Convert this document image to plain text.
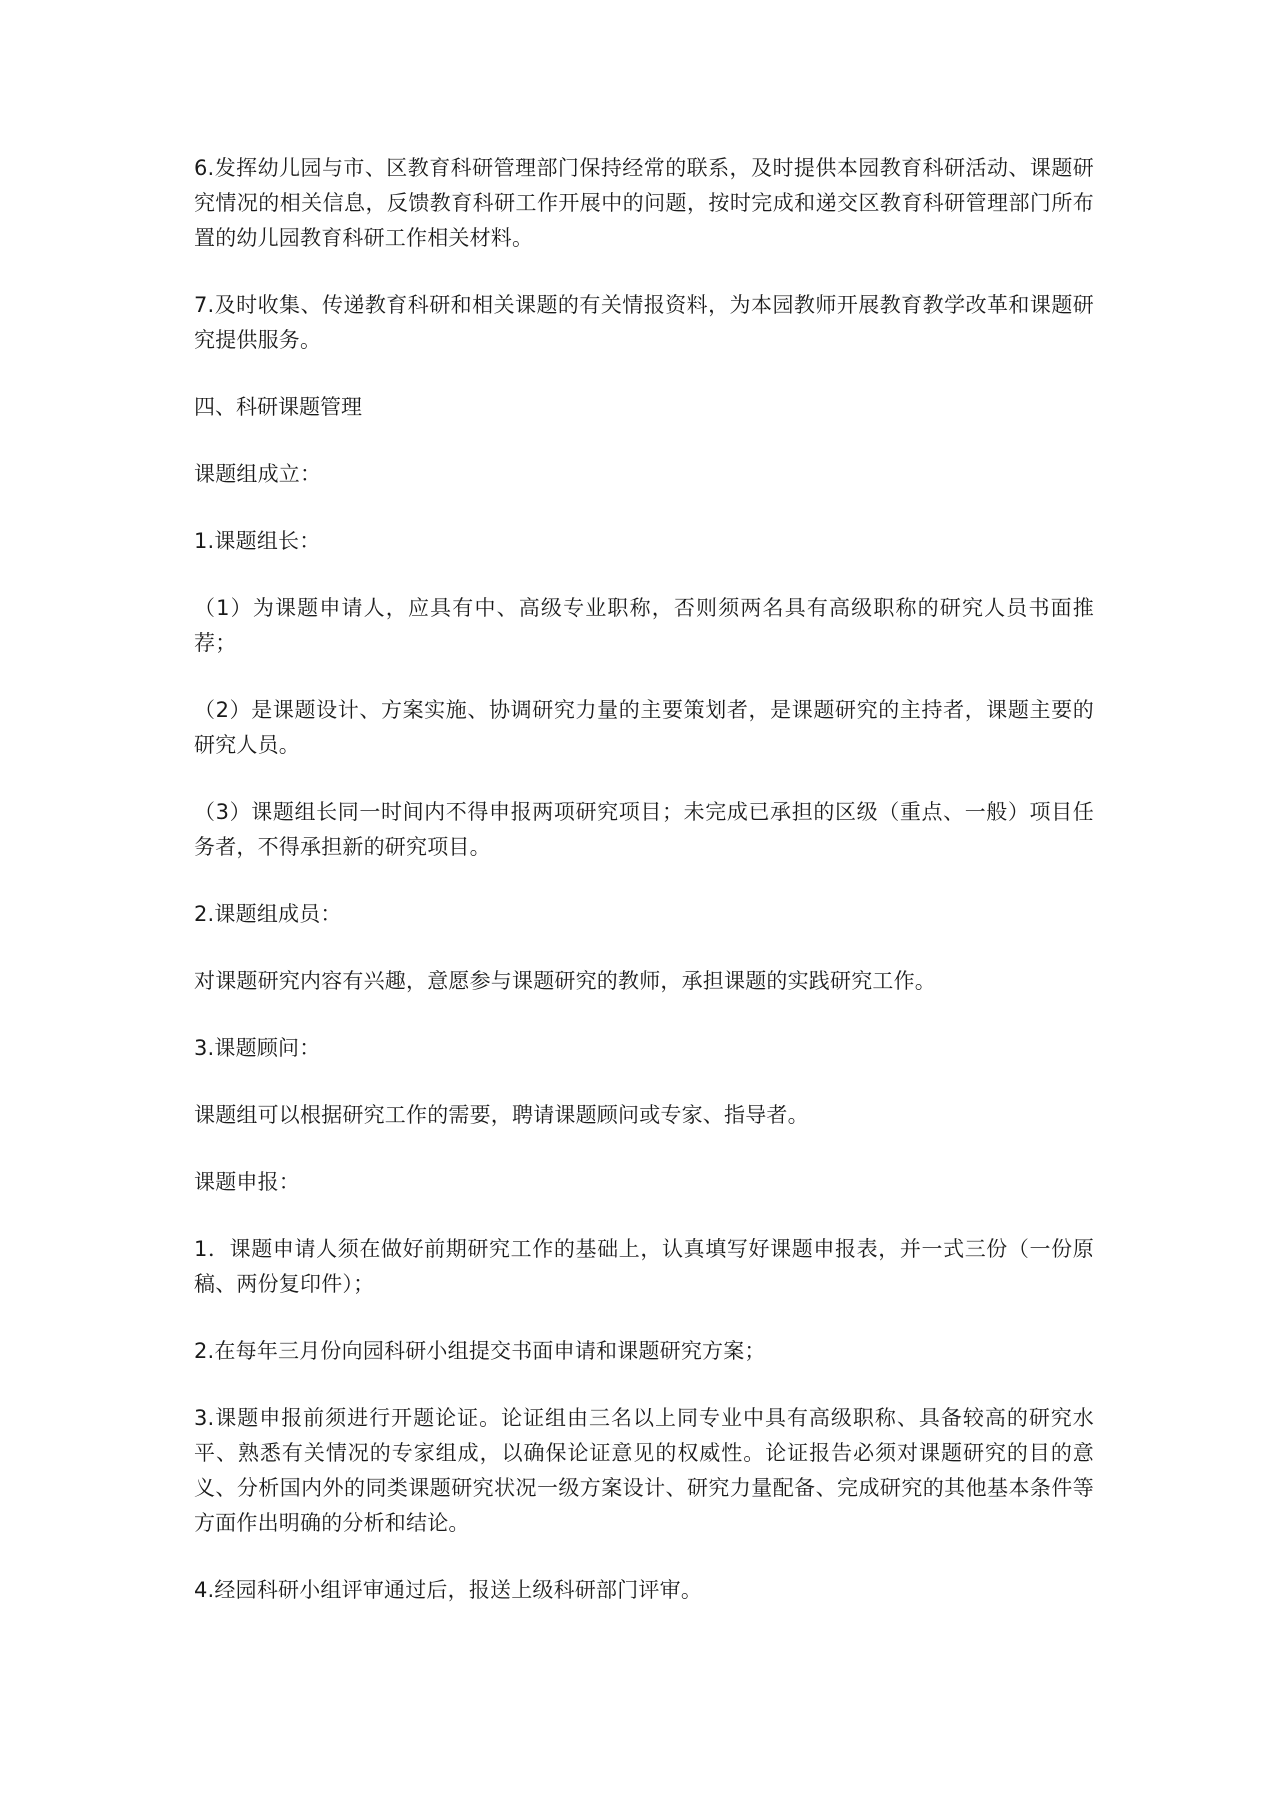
6.发挥幼儿园与市、区教育科研管理部门保持经常的联系，及时提供本园教育科研活动、课题研究情况的相关信息，反馈教育科研工作开展中的问题，按时完成和递交区教育科研管理部门所布置的幼儿园教育科研工作相关材料。

7.及时收集、传递教育科研和相关课题的有关情报资料，为本园教师开展教育教学改革和课题研究提供服务。

四、科研课题管理

课题组成立：

1.课题组长：

（1）为课题申请人，应具有中、高级专业职称，否则须两名具有高级职称的研究人员书面推荐；

（2）是课题设计、方案实施、协调研究力量的主要策划者，是课题研究的主持者，课题主要的研究人员。

（3）课题组长同一时间内不得申报两项研究项目；未完成已承担的区级（重点、一般）项目任务者，不得承担新的研究项目。

2.课题组成员：

对课题研究内容有兴趣，意愿参与课题研究的教师，承担课题的实践研究工作。

3.课题顾问：

课题组可以根据研究工作的需要，聘请课题顾问或专家、指导者。

课题申报：

1．课题申请人须在做好前期研究工作的基础上，认真填写好课题申报表，并一式三份（一份原稿、两份复印件）；

2.在每年三月份向园科研小组提交书面申请和课题研究方案；

3.课题申报前须进行开题论证。论证组由三名以上同专业中具有高级职称、具备较高的研究水平、熟悉有关情况的专家组成，以确保论证意见的权威性。论证报告必须对课题研究的目的意义、分析国内外的同类课题研究状况一级方案设计、研究力量配备、完成研究的其他基本条件等方面作出明确的分析和结论。

4.经园科研小组评审通过后，报送上级科研部门评审。
